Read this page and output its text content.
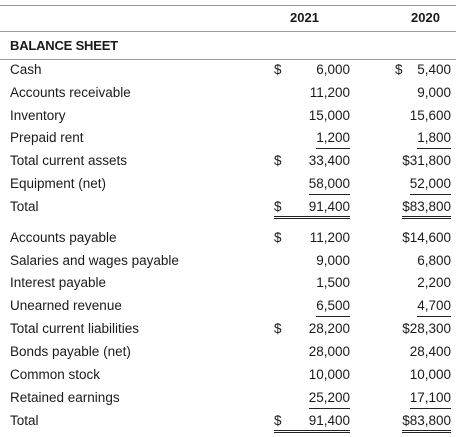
2021	2020
BALANCE SHEET
Cash	$	6,000	$ 5,400
Accounts receivable	11,200	9,000
Inventory	15,000	15,600
Prepaid rent	1,200	1,800
Total current assets	$ 33,400	$31,800
Equipment (net)	58,000	52,000
Total	$ 91,400	$83,800
Accounts payable	$ 11,200	$14,600
Salaries and wages payable	9,000	6,800
Interest payable	1,500	2,200
Unearned revenue	6,500	4,700
Total current liabilities	$ 28,200	$28,300
Bonds payable (net)	28,000	28,400
Common stock	10,000	10,000
Retained earnings	25,200	17,100
Total	$ 91,400	$83,800
